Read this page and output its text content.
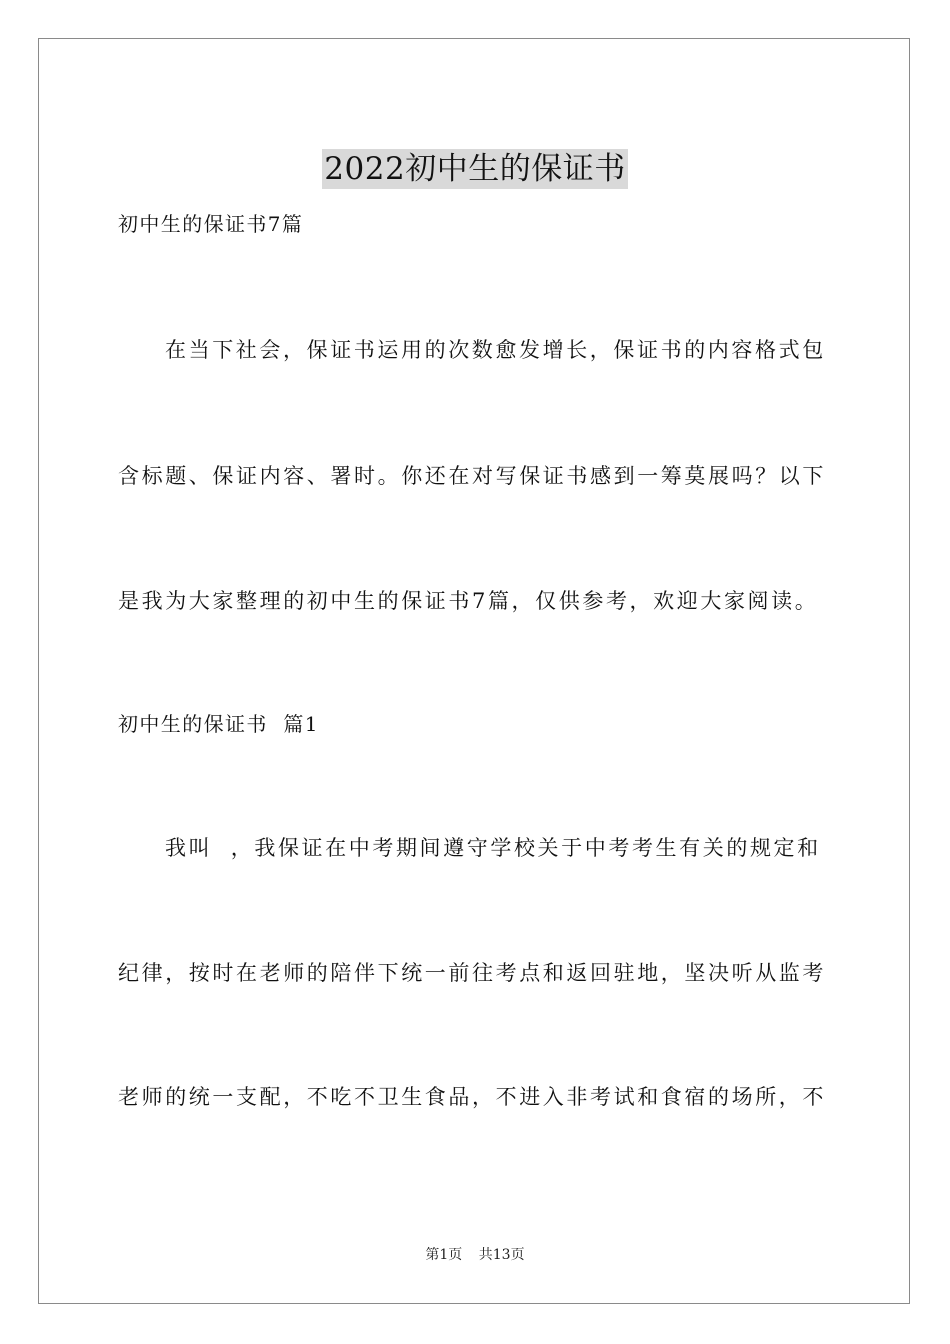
2022初中生的保证书
初中生的保证书7篇
在当下社会，保证书运用的次数愈发增长，保证书的内容格式包
含标题、保证内容、署时。你还在对写保证书感到一筹莫展吗？以下
是我为大家整理的初中生的保证书7篇，仅供参考，欢迎大家阅读。
初中生的保证书  篇1
我叫  ，我保证在中考期间遵守学校关于中考考生有关的规定和
纪律，按时在老师的陪伴下统一前往考点和返回驻地，坚决听从监考
老师的统一支配，不吃不卫生食品，不进入非考试和食宿的场所，不
第1页 共13页
